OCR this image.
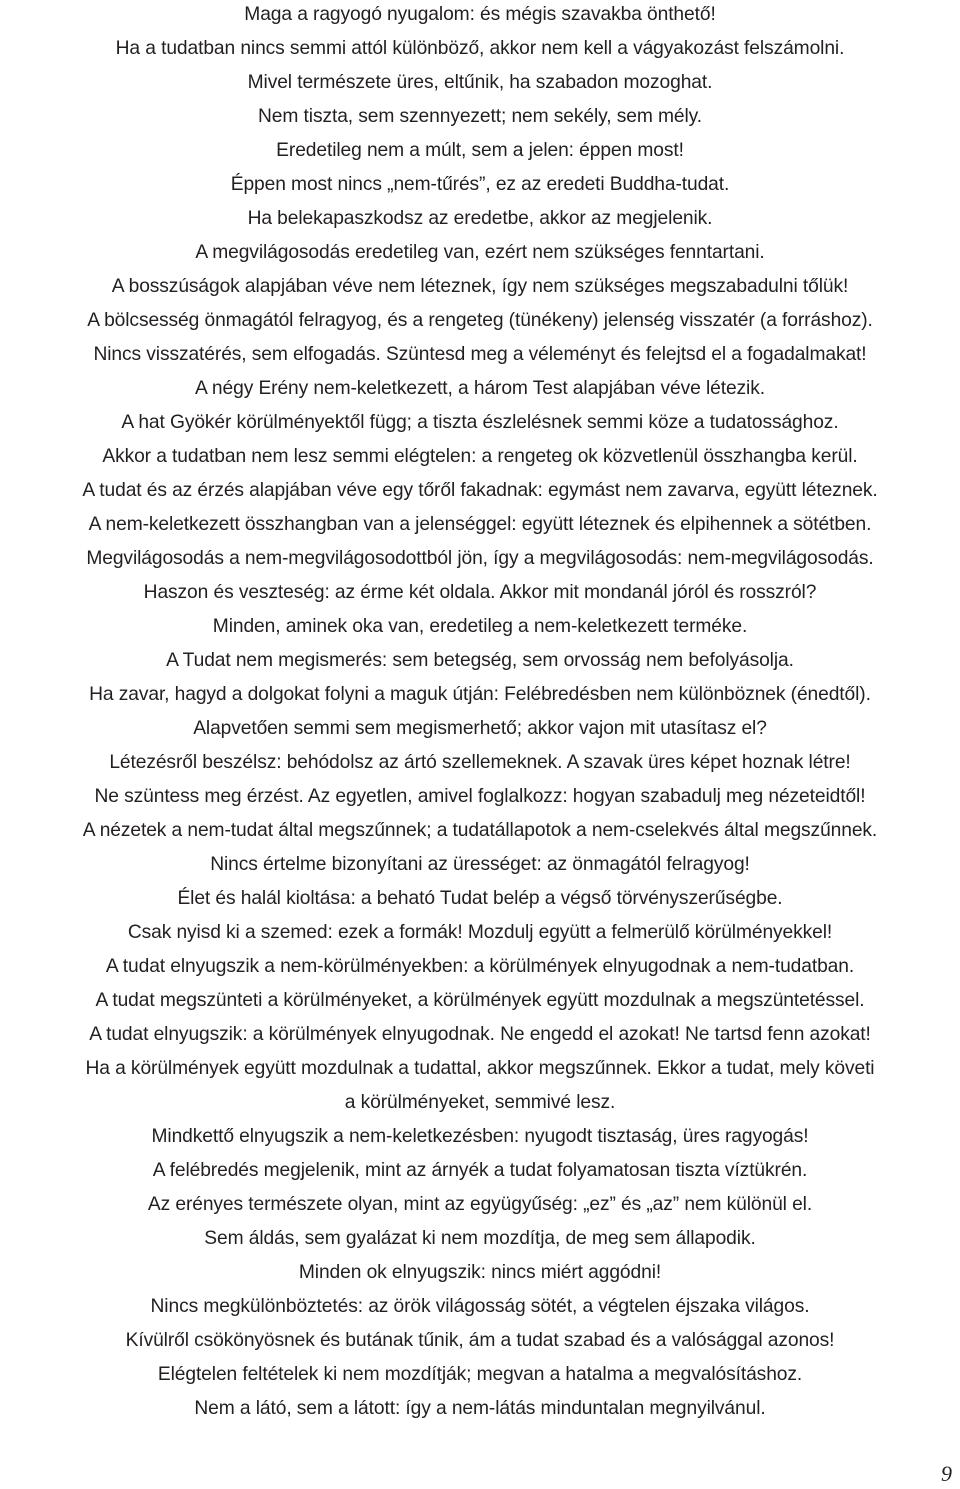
Maga a ragyogó nyugalom: és mégis szavakba önthető!
Ha a tudatban nincs semmi attól különböző, akkor nem kell a vágyakozást felszámolni.
Mivel természete üres, eltűnik, ha szabadon mozoghat.
Nem tiszta, sem szennyezett; nem sekély, sem mély.
Eredetileg nem a múlt, sem a jelen: éppen most!
Éppen most nincs „nem-tűrés”, ez az eredeti Buddha-tudat.
Ha belekapaszkodsz az eredetbe, akkor az megjelenik.
A megvilágosodás eredetileg van, ezért nem szükséges fenntartani.
A bosszúságok alapjában véve nem léteznek, így nem szükséges megszabadulni tőlük!
A bölcsesség önmagától felragyog, és a rengeteg (tünékeny) jelenség visszatér (a forráshoz).
Nincs visszatérés, sem elfogadás. Szüntesd meg a véleményt és felejtsd el a fogadalmakat!
A négy Erény nem-keletkezett, a három Test alapjában véve létezik.
A hat Gyökér körülményektől függ; a tiszta észlelésnek semmi köze a tudatossághoz.
Akkor a tudatban nem lesz semmi elégtelen: a rengeteg ok közvetlenül összhangba kerül.
A tudat és az érzés alapjában véve egy tőről fakadnak: egymást nem zavarva, együtt léteznek.
A nem-keletkezett összhangban van a jelenséggel: együtt léteznek és elpihennek a sötétben.
Megvilágosodás a nem-megvilágosodottból jön, így a megvilágosodás: nem-megvilágosodás.
Haszon és veszteség: az érme két oldala. Akkor mit mondanál jóról és rosszról?
Minden, aminek oka van, eredetileg a nem-keletkezett terméke.
A Tudat nem megismerés: sem betegség, sem orvosság nem befolyásolja.
Ha zavar, hagyd a dolgokat folyni a maguk útján: Felébredésben nem különböznek (énedtől).
Alapvetően semmi sem megismerhető; akkor vajon mit utasítasz el?
Létezésről beszélsz: behódolsz az ártó szellemeknek. A szavak üres képet hoznak létre!
Ne szüntess meg érzést. Az egyetlen, amivel foglalkozz: hogyan szabadulj meg nézeteidtől!
A nézetek a nem-tudat által megszűnnek; a tudatállapotok a nem-cselekvés által megszűnnek.
Nincs értelme bizonyítani az ürességet: az önmagától felragyog!
Élet és halál kioltása: a beható Tudat belép a végső törvényszerűségbe.
Csak nyisd ki a szemed: ezek a formák! Mozdulj együtt a felmerülő körülményekkel!
A tudat elnyugszik a nem-körülményekben: a körülmények elnyugodnak a nem-tudatban.
A tudat megszünteti a körülményeket, a körülmények együtt mozdulnak a megszüntetéssel.
A tudat elnyugszik: a körülmények elnyugodnak. Ne engedd el azokat! Ne tartsd fenn azokat!
Ha a körülmények együtt mozdulnak a tudattal, akkor megszűnnek. Ekkor a tudat, mely követi
a körülményeket, semmivé lesz.
Mindkettő elnyugszik a nem-keletkezésben: nyugodt tisztaság, üres ragyogás!
A felébredés megjelenik, mint az árnyék a tudat folyamatosan tiszta víztükrén.
Az erényes természete olyan, mint az együgyűség: „ez” és „az” nem különül el.
Sem áldás, sem gyalázat ki nem mozdítja, de meg sem állapodik.
Minden ok elnyugszik: nincs miért aggódni!
Nincs megkülönböztetés: az örök világosság sötét, a végtelen éjszaka világos.
Kívülről csökönyösnek és butának tűnik, ám a tudat szabad és a valósággal azonos!
Elégtelen feltételek ki nem mozdítják; megvan a hatalma a megvalósításhoz.
Nem a látó, sem a látott: így a nem-látás minduntalan megnyilvánul.
9
